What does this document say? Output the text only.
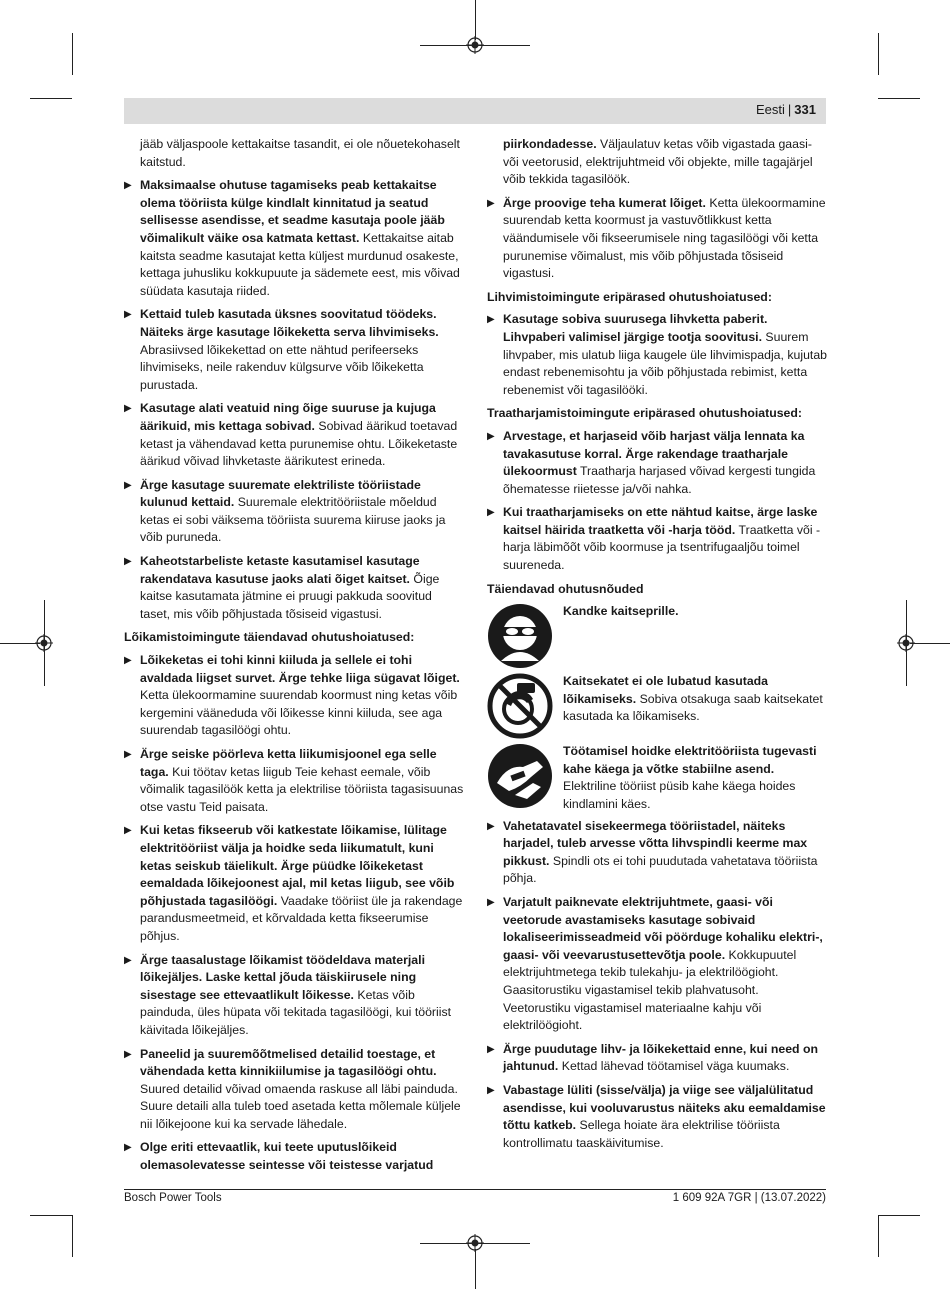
Eesti | 331

jääb väljaspoole kettakaitse tasandit, ei ole nõuetekohaselt kaitstud.

▶ Maksimaalse ohutuse tagamiseks peab kettakaitse olema tööriista külge kindlalt kinnitatud ja seatud sellisesse asendisse, et seadme kasutaja poole jääb võimalikult väike osa katmata kettast. Kettakaitse aitab kaitsta seadme kasutajat ketta küljest murdunud osakeste, kettaga juhusliku kokkupuute ja sädemete eest, mis võivad süüdata kasutaja riided.
▶ Kettaid tuleb kasutada üksnes soovitatud töödeks. Näiteks ärge kasutage lõikeketta serva lihvimiseks. Abrasiivsed lõikekettad on ette nähtud perifeerseks lihvimiseks, neile rakenduv külgsurve võib lõikeketta purustada.
▶ Kasutage alati veatuid ning õige suuruse ja kujuga äärikuid, mis kettaga sobivad. Sobivad äärikud toetavad ketast ja vähendavad ketta purunemise ohtu. Lõikeketaste äärikud võivad lihvketaste äärikutest erineda.
▶ Ärge kasutage suuremate elektriliste tööriistade kulunud kettaid. Suuremale elektritööriistale mõeldud ketas ei sobi väiksema tööriista suurema kiiruse jaoks ja võib puruneda.
▶ Kaheotstarbeliste ketaste kasutamisel kasutage rakendatava kasutuse jaoks alati õiget kaitset. Õige kaitse kasutamata jätmine ei pruugi pakkuda soovitud taset, mis võib põhjustada tõsiseid vigastusi.
Lõikamistoimingute täiendavad ohutushoiatused:
▶ Lõikeketas ei tohi kinni kiiluda ja sellele ei tohi avaldada liigset survet. Ärge tehke liiga sügavat lõiget. Ketta ülekoormamine suurendab koormust ning ketas võib kergemini vääneduda või lõikesse kinni kiiluda, see aga suurendab tagasilöögi ohtu.
▶ Ärge seiske pöörleva ketta liikumisjoonel ega selle taga. Kui töötav ketas liigub Teie kehast eemale, võib võimalik tagasilöök ketta ja elektrilise tööriista tagasisuunas otse vastu Teid paisata.
▶ Kui ketas fikseerub või katkestate lõikamise, lülitage elektritööriist välja ja hoidke seda liikumatult, kuni ketas seiskub täielikult. Ärge püüdke lõikeketast eemaldada lõikejoonest ajal, mil ketas liigub, see võib põhjustada tagasilöögi. Vaadake tööriist üle ja rakendage parandusmeetmeid, et kõrvaldada ketta fikseerumise põhjus.
▶ Ärge taasalustage lõikamist töödeldava materjali lõikejäljes. Laske kettal jõuda täiskiirusele ning sisestage see ettevaatlikult lõikesse. Ketas võib painduda, üles hüpata või tekitada tagasilöögi, kui tööriist käivitada lõikejäljes.
▶ Paneelid ja suuremõõtmelised detailid toestage, et vähendada ketta kinnikiilumise ja tagasilöögi ohtu. Suured detailid võivad omaenda raskuse all läbi painduda. Suure detaili alla tuleb toed asetada ketta mõlemale küljele nii lõikejoone kui ka servade lähedale.
▶ Olge eriti ettevaatlik, kui teete uputuslõikeid olemasolevatesse seintesse või teistesse varjatud

piirkondadesse. Väljaulatuv ketas võib vigastada gaasi- või veetorusid, elektrijuhtmeid või objekte, mille tagajärjel võib tekkida tagasilöök.

▶ Ärge proovige teha kumerat lõiget. Ketta ülekoormamine suurendab ketta koormust ja vastuvõtlikkust ketta väändumisele või fikseerumisele ning tagasilöögi või ketta purunemise võimalust, mis võib põhjustada tõsiseid vigastusi.
Lihvimistoimingute eripärased ohutushoiatused:
▶ Kasutage sobiva suurusega lihvketta paberit. Lihvpaberi valimisel järgige tootja soovitusi. Suurem lihvpaber, mis ulatub liiga kaugele üle lihvimispadja, kujutab endast rebenemisohtu ja võib põhjustada rebimist, ketta rebenemist või tagasilööki.
Traatharjamistoimingute eripärased ohutushoiatused:
▶ Arvestage, et harjaseid võib harjast välja lennata ka tavakasutuse korral. Ärge rakendage traatharjale ülekoormust Traatharja harjased võivad kergesti tungida õhematesse riietesse ja/või nahka.
▶ Kui traatharjamiseks on ette nähtud kaitse, ärge laske kaitsel häirida traatketta või -harja tööd. Traatketta või -harja läbimõõt võib koormuse ja tsentrifugaaljõu toimel suureneda.
Täiendavad ohutusnõuded

Kandke kaitseprille.

Kaitsekatet ei ole lubatud kasutada lõikamiseks. Sobiva otsakuga saab kaitsekatet kasutada ka lõikamiseks.

Töötamisel hoidke elektritööriista tugevasti kahe käega ja võtke stabiilne asend. Elektriline tööriist püsib kahe käega hoides kindlamini käes.

▶ Vahetatavatel sisekeermega tööriistadel, näiteks harjadel, tuleb arvesse võtta lihvspindli keerme max pikkust. Spindli ots ei tohi puudutada vahetatava tööriista põhja.
▶ Varjatult paiknevate elektrijuhtmete, gaasi- või veetorude avastamiseks kasutage sobivaid lokaliseerimisseadmeid või pöörduge kohaliku elektri-, gaasi- või veevarustusettevõtja poole. Kokkupuutel elektrijuhtmetega tekib tulekahju- ja elektrilöögioht. Gaasitorustiku vigastamisel tekib plahvatusoht. Veetorustiku vigastamisel materiaalne kahju või elektrilöögioht.
▶ Ärge puudutage lihv- ja lõikekettaid enne, kui need on jahtunud. Kettad lähevad töötamisel väga kuumaks.
▶ Vabastage lüliti (sisse/välja) ja viige see väljalülitatud asendisse, kui vooluvarustus näiteks aku eemaldamise tõttu katkeb. Sellega hoiate ära elektrilise tööriista kontrollimatu taaskäivitumise.
Bosch Power Tools	1 609 92A 7GR | (13.07.2022)
